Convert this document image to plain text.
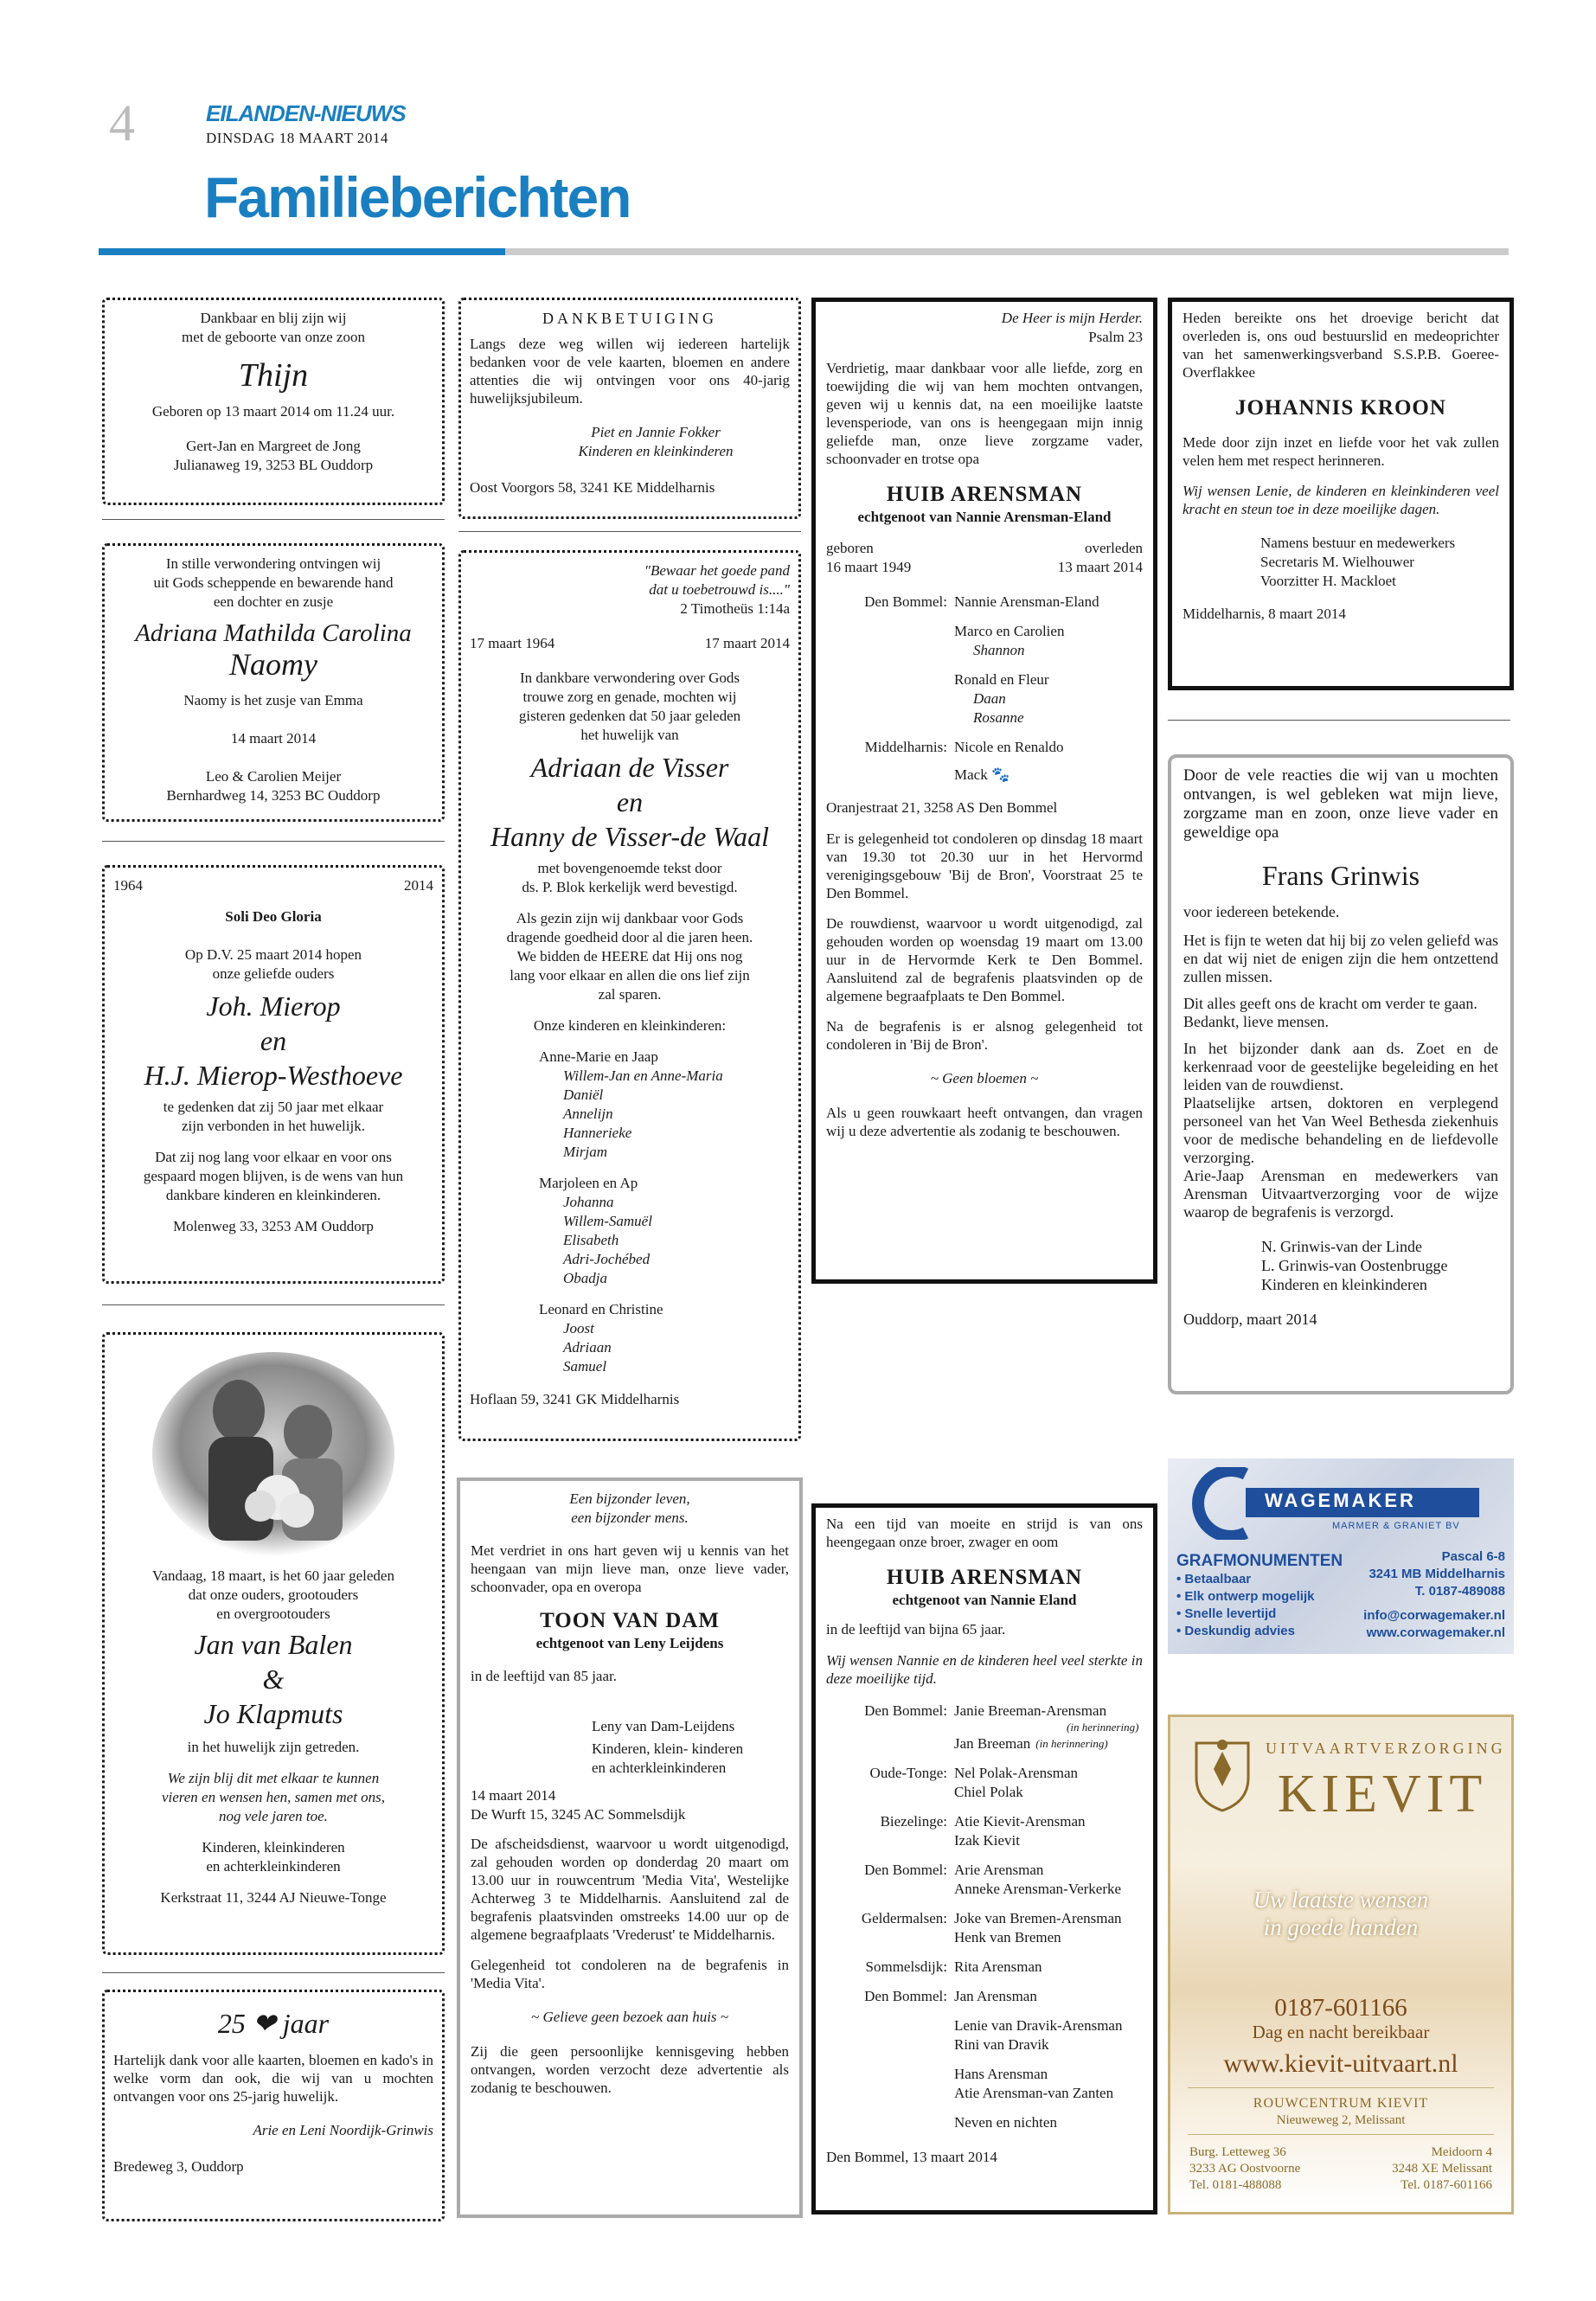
4	EILANDEN-NIEUWS
DINSDAG 18 MAART 2014
Familieberichten
Dankbaar en blij zijn wij
met de geboorte van onze zoon
Thijn
Geboren op 13 maart 2014 om 11.24 uur.
Gert-Jan en Margreet de Jong
Julianaweg 19, 3253 BL Ouddorp
In stille verwondering ontvingen wij
uit Gods scheppende en bewarende hand
een dochter en zusje
Adriana Mathilda Carolina
Naomy
Naomy is het zusje van Emma
14 maart 2014
Leo & Carolien Meijer
Bernhardweg 14, 3253 BC Ouddorp
1964	2014
Soli Deo Gloria
Op D.V. 25 maart 2014 hopen
onze geliefde ouders
Joh. Mierop
en
H.J. Mierop-Westhoeve
te gedenken dat zij 50 jaar met elkaar
zijn verbonden in het huwelijk.
Dat zij nog lang voor elkaar en voor ons
gespaard mogen blijven, is de wens van hun
dankbare kinderen en kleinkinderen.
Molenweg 33, 3253 AM Ouddorp
Vandaag, 18 maart, is het 60 jaar geleden
dat onze ouders, grootouders
en overgrootouders
Jan van Balen
&
Jo Klapmuts
in het huwelijk zijn getreden.
We zijn blij dit met elkaar te kunnen
vieren en wensen hen, samen met ons,
nog vele jaren toe.
Kinderen, kleinkinderen
en achterkleinkinderen
Kerkstraat 11, 3244 AJ Nieuwe-Tonge
25 ❤ jaar
Hartelijk dank voor alle kaarten, bloemen en kado's in welke vorm dan ook, die wij van u mochten ontvangen voor ons 25-jarig huwelijk.
Arie en Leni Noordijk-Grinwis
Bredeweg 3, Ouddorp
DANKBETUIGING
Langs deze weg willen wij iedereen hartelijk bedanken voor de vele kaarten, bloemen en andere attenties die wij ontvingen voor ons 40-jarig huwelijksjubileum.
Piet en Jannie Fokker
Kinderen en kleinkinderen
Oost Voorgors 58, 3241 KE Middelharnis
"Bewaar het goede pand
dat u toebetrouwd is...."
2 Timotheüs 1:14a
17 maart 1964	17 maart 2014
In dankbare verwondering over Gods
trouwe zorg en genade, mochten wij
gisteren gedenken dat 50 jaar geleden
het huwelijk van
Adriaan de Visser
en
Hanny de Visser-de Waal
met bovengenoemde tekst door
ds. P. Blok kerkelijk werd bevestigd.
Als gezin zijn wij dankbaar voor Gods
dragende goedheid door al die jaren heen.
We bidden de HEERE dat Hij ons nog
lang voor elkaar en allen die ons lief zijn
zal sparen.
Onze kinderen en kleinkinderen:
Anne-Marie en Jaap
Willem-Jan en Anne-Maria
Daniël
Annelijn
Hannerieke
Mirjam
Marjoleen en Ap
Johanna
Willem-Samuël
Elisabeth
Adri-Jochébed
Obadja
Leonard en Christine
Joost
Adriaan
Samuel
Hoflaan 59, 3241 GK Middelharnis
Een bijzonder leven,
een bijzonder mens.
Met verdriet in ons hart geven wij u kennis van het heengaan van mijn lieve man, onze lieve vader, schoonvader, opa en overopa
TOON VAN DAM
echtgenoot van Leny Leijdens
in de leeftijd van 85 jaar.
Leny van Dam-Leijdens
Kinderen, klein- kinderen
en achterkleinkinderen
14 maart 2014
De Wurft 15, 3245 AC Sommelsdijk
De afscheidsdienst, waarvoor u wordt uitgenodigd, zal gehouden worden op donderdag 20 maart om 13.00 uur in rouwcentrum 'Media Vita', Westelijke Achterweg 3 te Middelharnis. Aansluitend zal de begrafenis plaatsvinden omstreeks 14.00 uur op de algemene begraafplaats 'Vrederust' te Middelharnis.
Gelegenheid tot condoleren na de begrafenis in 'Media Vita'.
~ Gelieve geen bezoek aan huis ~
Zij die geen persoonlijke kennisgeving hebben ontvangen, worden verzocht deze advertentie als zodanig te beschouwen.
De Heer is mijn Herder.
Psalm 23
Verdrietig, maar dankbaar voor alle liefde, zorg en toewijding die wij van hem mochten ontvangen, geven wij u kennis dat, na een moeilijke laatste levensperiode, van ons is heengegaan mijn innig geliefde man, onze lieve zorgzame vader, schoonvader en trotse opa
HUIB ARENSMAN
echtgenoot van Nannie Arensman-Eland
geboren	overleden
16 maart 1949	13 maart 2014
Den Bommel: Nannie Arensman-Eland
Marco en Carolien
Shannon
Ronald en Fleur
Daan
Rosanne
Middelharnis: Nicole en Renaldo
Mack 🐾
Oranjestraat 21, 3258 AS Den Bommel
Er is gelegenheid tot condoleren op dinsdag 18 maart van 19.30 tot 20.30 uur in het Hervormd verenigingsgebouw 'Bij de Bron', Voorstraat 25 te Den Bommel.
De rouwdienst, waarvoor u wordt uitgenodigd, zal gehouden worden op woensdag 19 maart om 13.00 uur in de Hervormde Kerk te Den Bommel. Aansluitend zal de begrafenis plaatsvinden op de algemene begraafplaats te Den Bommel.
Na de begrafenis is er alsnog gelegenheid tot condoleren in 'Bij de Bron'.
~ Geen bloemen ~
Als u geen rouwkaart heeft ontvangen, dan vragen wij u deze advertentie als zodanig te beschouwen.
Na een tijd van moeite en strijd is van ons heengegaan onze broer, zwager en oom
HUIB ARENSMAN
echtgenoot van Nannie Eland
in de leeftijd van bijna 65 jaar.
Wij wensen Nannie en de kinderen heel veel sterkte in deze moeilijke tijd.
Den Bommel: Janie Breeman-Arensman
(in herinnering)
Jan Breeman (in herinnering)
Oude-Tonge: Nel Polak-Arensman
Chiel Polak
Biezelinge: Atie Kievit-Arensman
Izak Kievit
Den Bommel: Arie Arensman
Anneke Arensman-Verkerke
Geldermalsen: Joke van Bremen-Arensman
Henk van Bremen
Sommelsdijk: Rita Arensman
Den Bommel: Jan Arensman
Lenie van Dravik-Arensman
Rini van Dravik
Hans Arensman
Atie Arensman-van Zanten
Neven en nichten
Den Bommel, 13 maart 2014
Heden bereikte ons het droevige bericht dat overleden is, ons oud bestuurslid en medeoprichter van het samenwerkingsverband S.S.P.B. Goeree-Overflakkee
JOHANNIS KROON
Mede door zijn inzet en liefde voor het vak zullen velen hem met respect herinneren.
Wij wensen Lenie, de kinderen en kleinkinderen veel kracht en steun toe in deze moeilijke dagen.
Namens bestuur en medewerkers
Secretaris M. Wielhouwer
Voorzitter H. Mackloet
Middelharnis, 8 maart 2014
Door de vele reacties die wij van u mochten ontvangen, is wel gebleken wat mijn lieve, zorgzame man en zoon, onze lieve vader en geweldige opa
Frans Grinwis
voor iedereen betekende.
Het is fijn te weten dat hij bij zo velen geliefd was en dat wij niet de enigen zijn die hem ontzettend zullen missen.
Dit alles geeft ons de kracht om verder te gaan.
Bedankt, lieve mensen.
In het bijzonder dank aan ds. Zoet en de kerkenraad voor de geestelijke begeleiding en het leiden van de rouwdienst.
Plaatselijke artsen, doktoren en verplegend personeel van het Van Weel Bethesda ziekenhuis voor de medische behandeling en de liefdevolle verzorging.
Arie-Jaap Arensman en medewerkers van Arensman Uitvaartverzorging voor de wijze waarop de begrafenis is verzorgd.
N. Grinwis-van der Linde
L. Grinwis-van Oostenbrugge
Kinderen en kleinkinderen
Ouddorp, maart 2014
WAGEMAKER
MARMER & GRANIET BV
GRAFMONUMENTEN
• Betaalbaar
• Elk ontwerp mogelijk
• Snelle levertijd
• Deskundig advies
Pascal 6-8
3241 MB Middelharnis
T. 0187-489088
info@corwagemaker.nl
www.corwagemaker.nl
UITVAARTVERZORGING
KIEVIT
Uw laatste wensen
in goede handen
0187-601166
Dag en nacht bereikbaar
www.kievit-uitvaart.nl
ROUWCENTRUM KIEVIT
Nieuweweg 2, Melissant
Burg. Letteweg 36
3233 AG Oostvoorne
Tel. 0181-488088
Meidoorn 4
3248 XE Melissant
Tel. 0187-601166
